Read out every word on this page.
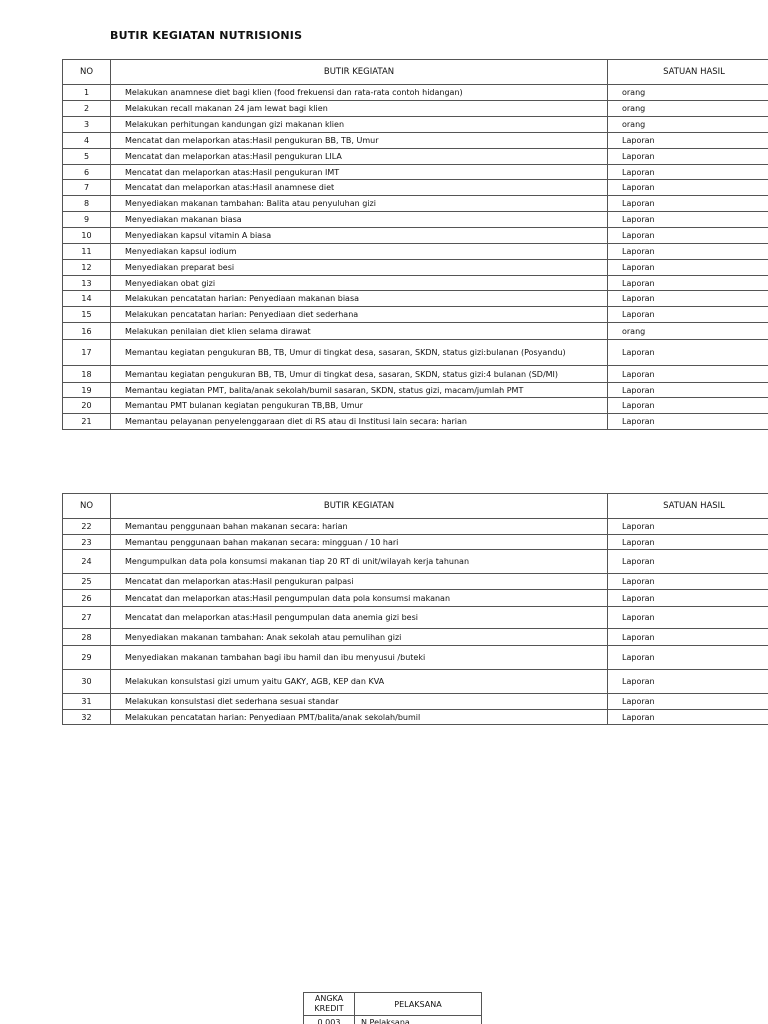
BUTIR KEGIATAN NUTRISIONIS
NO	BUTIR KEGIATAN	SATUAN HASIL
1	Melakukan anamnese diet bagi klien (food frekuensi dan rata-rata contoh hidangan)	orang
2	Melakukan recall makanan 24 jam lewat bagi klien	orang
3	Melakukan perhitungan kandungan gizi makanan klien	orang
4	Mencatat dan melaporkan atas:Hasil pengukuran BB, TB, Umur	Laporan
5	Mencatat dan melaporkan atas:Hasil pengukuran LILA	Laporan
6	Mencatat dan melaporkan atas:Hasil pengukuran IMT	Laporan
7	Mencatat dan melaporkan atas:Hasil anamnese diet	Laporan
8	Menyediakan makanan tambahan: Balita atau penyuluhan gizi	Laporan
9	Menyediakan makanan biasa	Laporan
10	Menyediakan kapsul vitamin A biasa	Laporan
11	Menyediakan kapsul iodium	Laporan
12	Menyediakan preparat besi	Laporan
13	Menyediakan obat gizi	Laporan
14	Melakukan pencatatan harian: Penyediaan makanan biasa	Laporan
15	Melakukan pencatatan harian: Penyediaan diet sederhana	Laporan
16	Melakukan penilaian diet klien selama dirawat	orang
17	Memantau kegiatan pengukuran BB, TB, Umur di tingkat desa, sasaran, SKDN, status gizi:bulanan (Posyandu)	Laporan
18	Memantau kegiatan pengukuran BB, TB, Umur di tingkat desa, sasaran, SKDN, status gizi:4 bulanan (SD/MI)	Laporan
19	Memantau kegiatan PMT, balita/anak sekolah/bumil sasaran, SKDN, status gizi, macam/jumlah PMT	Laporan
20	Memantau PMT bulanan kegiatan pengukuran TB,BB, Umur	Laporan
21	Memantau pelayanan penyelenggaraan diet di RS atau di Institusi lain secara: harian	Laporan
NO	BUTIR KEGIATAN	SATUAN HASIL
22	Memantau penggunaan bahan makanan secara: harian	Laporan
23	Memantau penggunaan bahan makanan secara: mingguan / 10 hari	Laporan
24	Mengumpulkan data pola konsumsi makanan tiap 20 RT di unit/wilayah kerja tahunan	Laporan
25	Mencatat dan melaporkan atas:Hasil pengukuran palpasi	Laporan
26	Mencatat dan melaporkan atas:Hasil pengumpulan data pola konsumsi makanan	Laporan
27	Mencatat dan melaporkan atas:Hasil pengumpulan data anemia gizi besi	Laporan
28	Menyediakan makanan tambahan: Anak sekolah atau pemulihan gizi	Laporan
29	Menyediakan makanan tambahan bagi ibu hamil dan ibu menyusui /buteki	Laporan
30	Melakukan konsulstasi gizi umum yaitu GAKY, AGB, KEP dan KVA	Laporan
31	Melakukan konsulstasi diet sederhana sesuai standar	Laporan
32	Melakukan pencatatan harian: Penyediaan PMT/balita/anak sekolah/bumil	Laporan
ANGKA
KREDIT	PELAKSANA
0.003	N.Pelaksana
